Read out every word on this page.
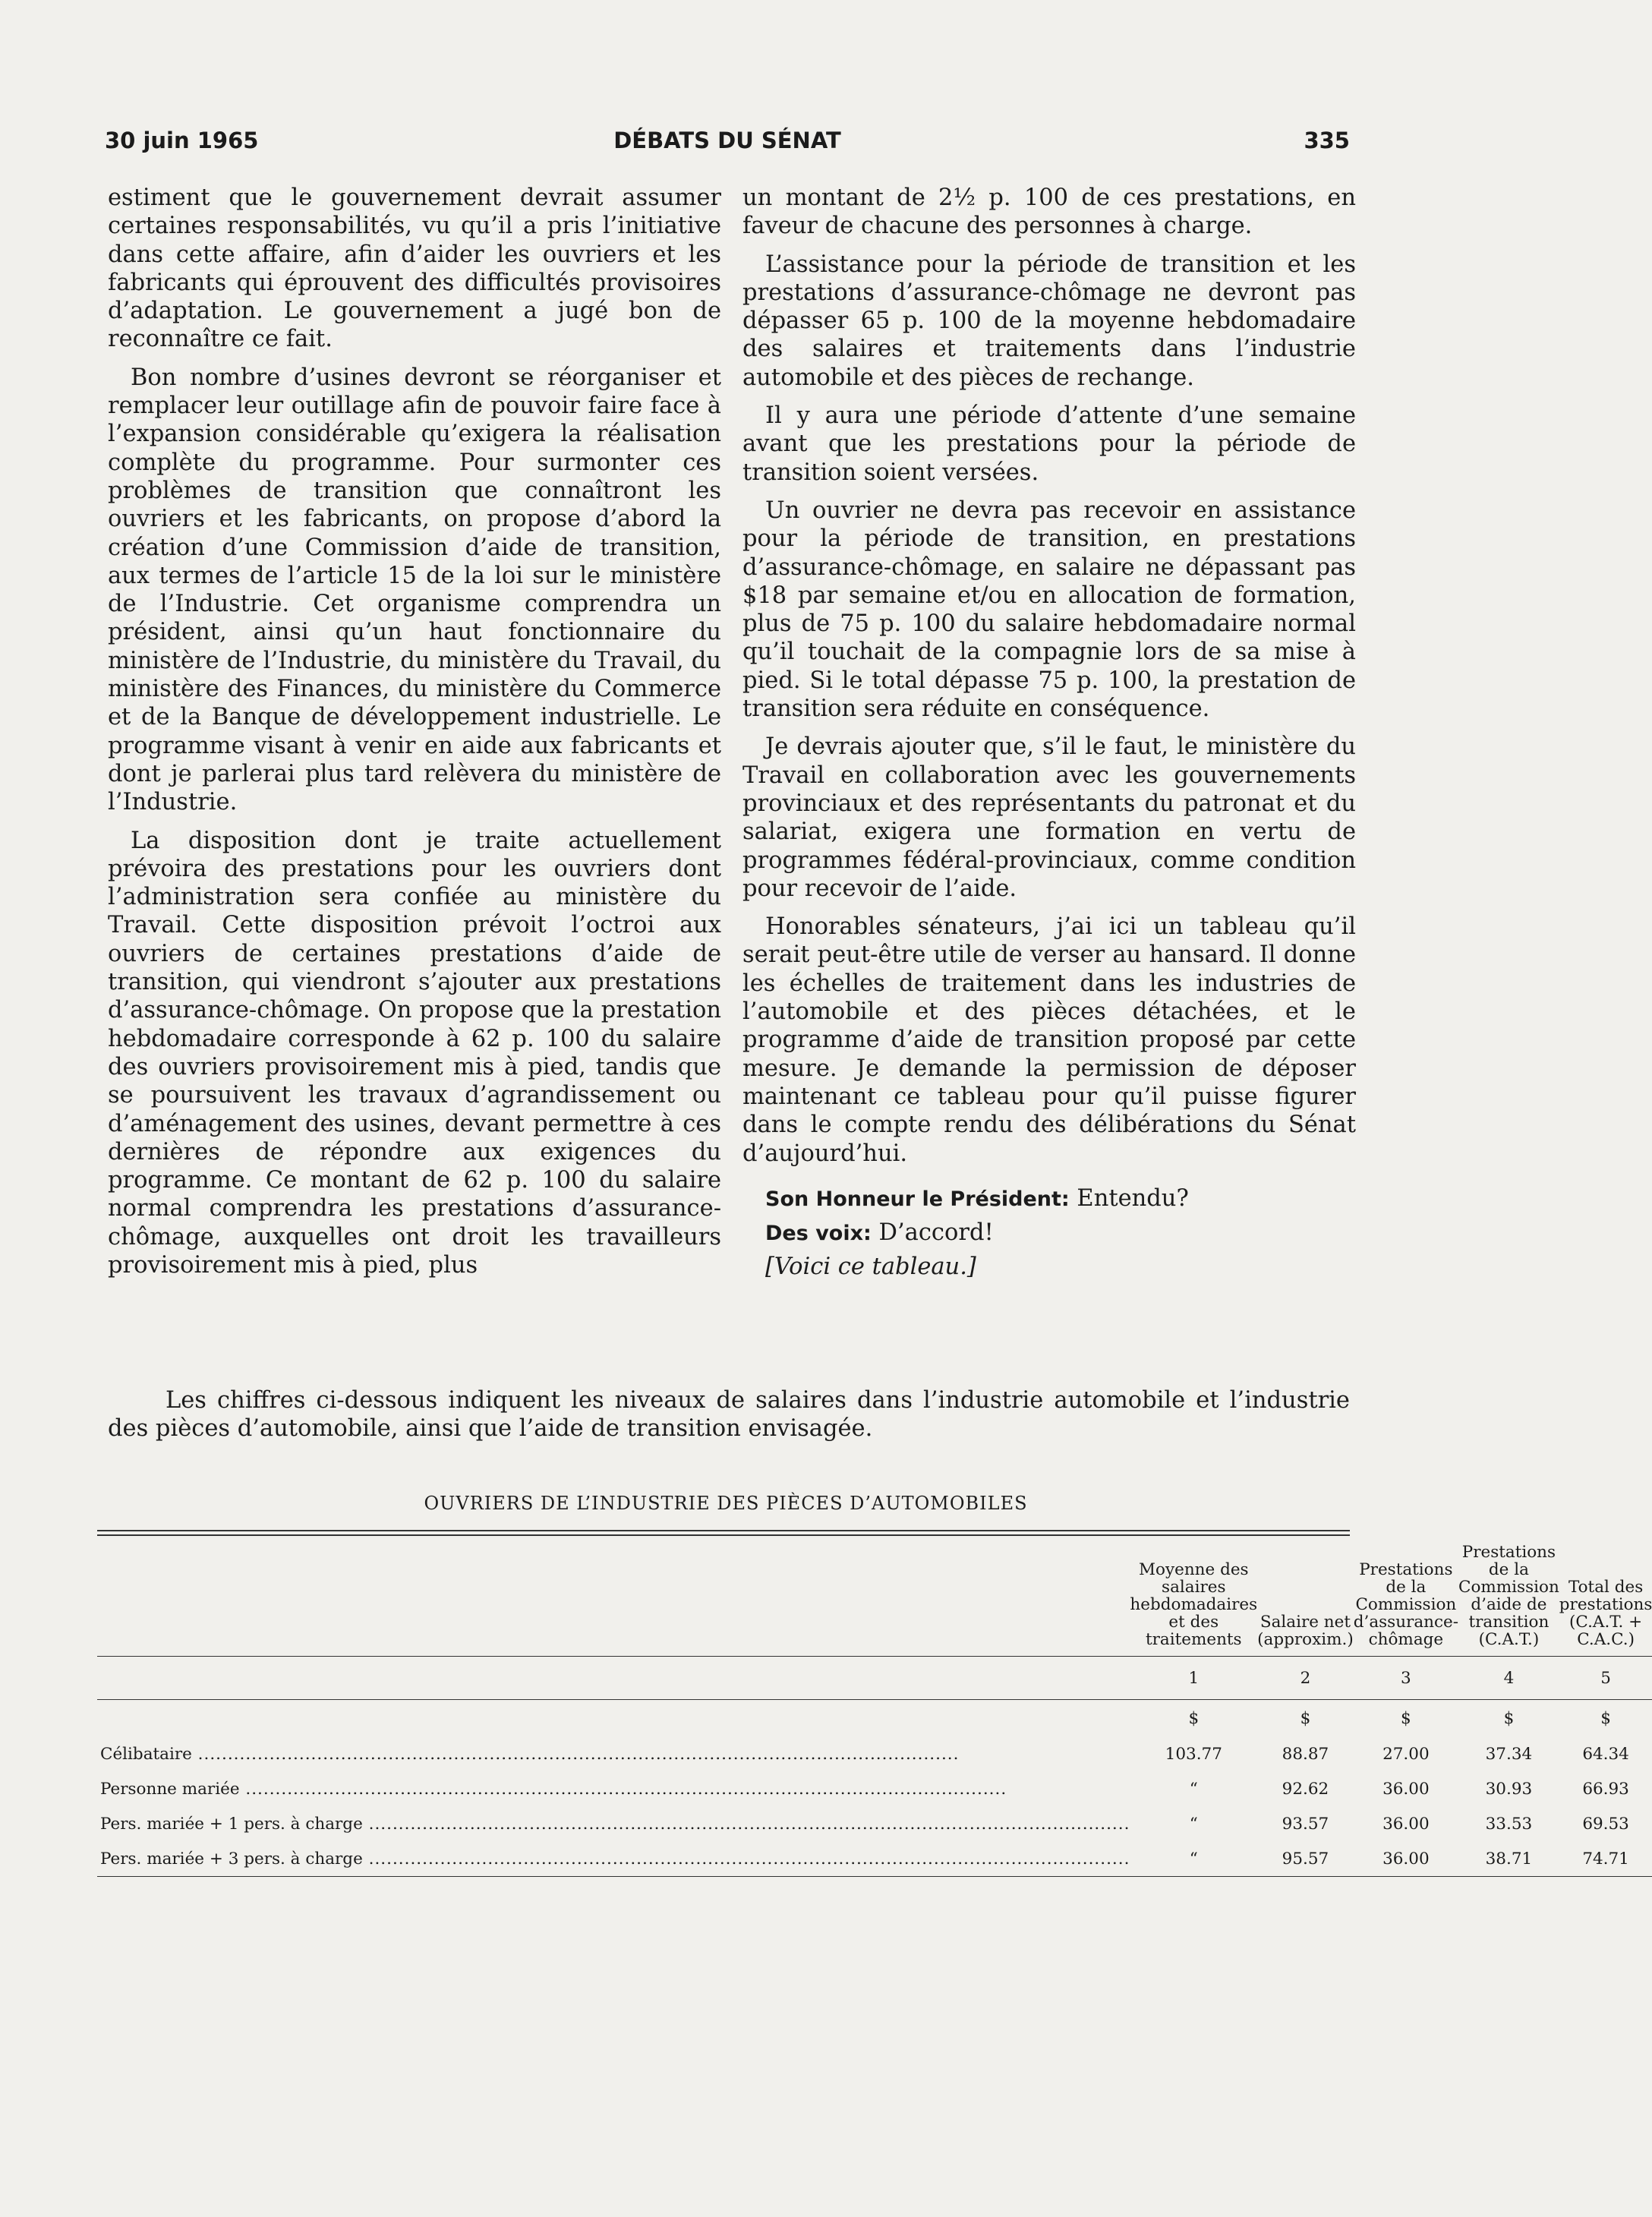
30 juin 1965	DÉBATS DU SÉNAT	335

estiment que le gouvernement devrait assumer certaines responsabilités, vu qu’il a pris l’initiative dans cette affaire, afin d’aider les ouvriers et les fabricants qui éprouvent des difficultés provisoires d’adaptation. Le gouvernement a jugé bon de reconnaître ce fait.

Bon nombre d’usines devront se réorganiser et remplacer leur outillage afin de pouvoir faire face à l’expansion considérable qu’exigera la réalisation complète du programme. Pour surmonter ces problèmes de transition que connaîtront les ouvriers et les fabricants, on propose d’abord la création d’une Commission d’aide de transition, aux termes de l’article 15 de la loi sur le ministère de l’Industrie. Cet organisme comprendra un président, ainsi qu’un haut fonctionnaire du ministère de l’Industrie, du ministère du Travail, du ministère des Finances, du ministère du Commerce et de la Banque de développement industrielle. Le programme visant à venir en aide aux fabricants et dont je parlerai plus tard relèvera du ministère de l’Industrie.

La disposition dont je traite actuellement prévoira des prestations pour les ouvriers dont l’administration sera confiée au ministère du Travail. Cette disposition prévoit l’octroi aux ouvriers de certaines prestations d’aide de transition, qui viendront s’ajouter aux prestations d’assurance-chômage. On propose que la prestation hebdomadaire corresponde à 62 p. 100 du salaire des ouvriers provisoirement mis à pied, tandis que se poursuivent les travaux d’agrandissement ou d’aménagement des usines, devant permettre à ces dernières de répondre aux exigences du programme. Ce montant de 62 p. 100 du salaire normal comprendra les prestations d’assurance-chômage, auxquelles ont droit les travailleurs provisoirement mis à pied, plus

un montant de 2½ p. 100 de ces prestations, en faveur de chacune des personnes à charge.

L’assistance pour la période de transition et les prestations d’assurance-chômage ne devront pas dépasser 65 p. 100 de la moyenne hebdomadaire des salaires et traitements dans l’industrie automobile et des pièces de rechange.

Il y aura une période d’attente d’une semaine avant que les prestations pour la période de transition soient versées.

Un ouvrier ne devra pas recevoir en assistance pour la période de transition, en prestations d’assurance-chômage, en salaire ne dépassant pas $18 par semaine et/ou en allocation de formation, plus de 75 p. 100 du salaire hebdomadaire normal qu’il touchait de la compagnie lors de sa mise à pied. Si le total dépasse 75 p. 100, la prestation de transition sera réduite en conséquence.

Je devrais ajouter que, s’il le faut, le ministère du Travail en collaboration avec les gouvernements provinciaux et des représentants du patronat et du salariat, exigera une formation en vertu de programmes fédéral-provinciaux, comme condition pour recevoir de l’aide.

Honorables sénateurs, j’ai ici un tableau qu’il serait peut-être utile de verser au hansard. Il donne les échelles de traitement dans les industries de l’automobile et des pièces détachées, et le programme d’aide de transition proposé par cette mesure. Je demande la permission de déposer maintenant ce tableau pour qu’il puisse figurer dans le compte rendu des délibérations du Sénat d’aujourd’hui.

Son Honneur le Président: Entendu?

Des voix: D’accord!

[Voici ce tableau.]

Les chiffres ci-dessous indiquent les niveaux de salaires dans l’industrie automobile et l’industrie des pièces d’automobile, ainsi que l’aide de transition envisagée.
OUVRIERS DE L’INDUSTRIE DES PIÈCES D’AUTOMOBILES
	Moyenne des salaires hebdomadaires et des traitements	Salaire net (approxim.)	Prestations de la Commission d’assurance-chômage	Prestations de la Commission d’aide de transition (C.A.T.)	Total des prestations (C.A.T. + C.A.C.)
	1	2	3	4	5
	$	$	$	$	$
Célibataire .....	103.77	88.87	27.00	37.34	64.34
Personne mariée .....	“	92.62	36.00	30.93	66.93
Pers. mariée + 1 pers. à charge .....	“	93.57	36.00	33.53	69.53
Pers. mariée + 3 pers. à charge .....	“	95.57	36.00	38.71	74.71
